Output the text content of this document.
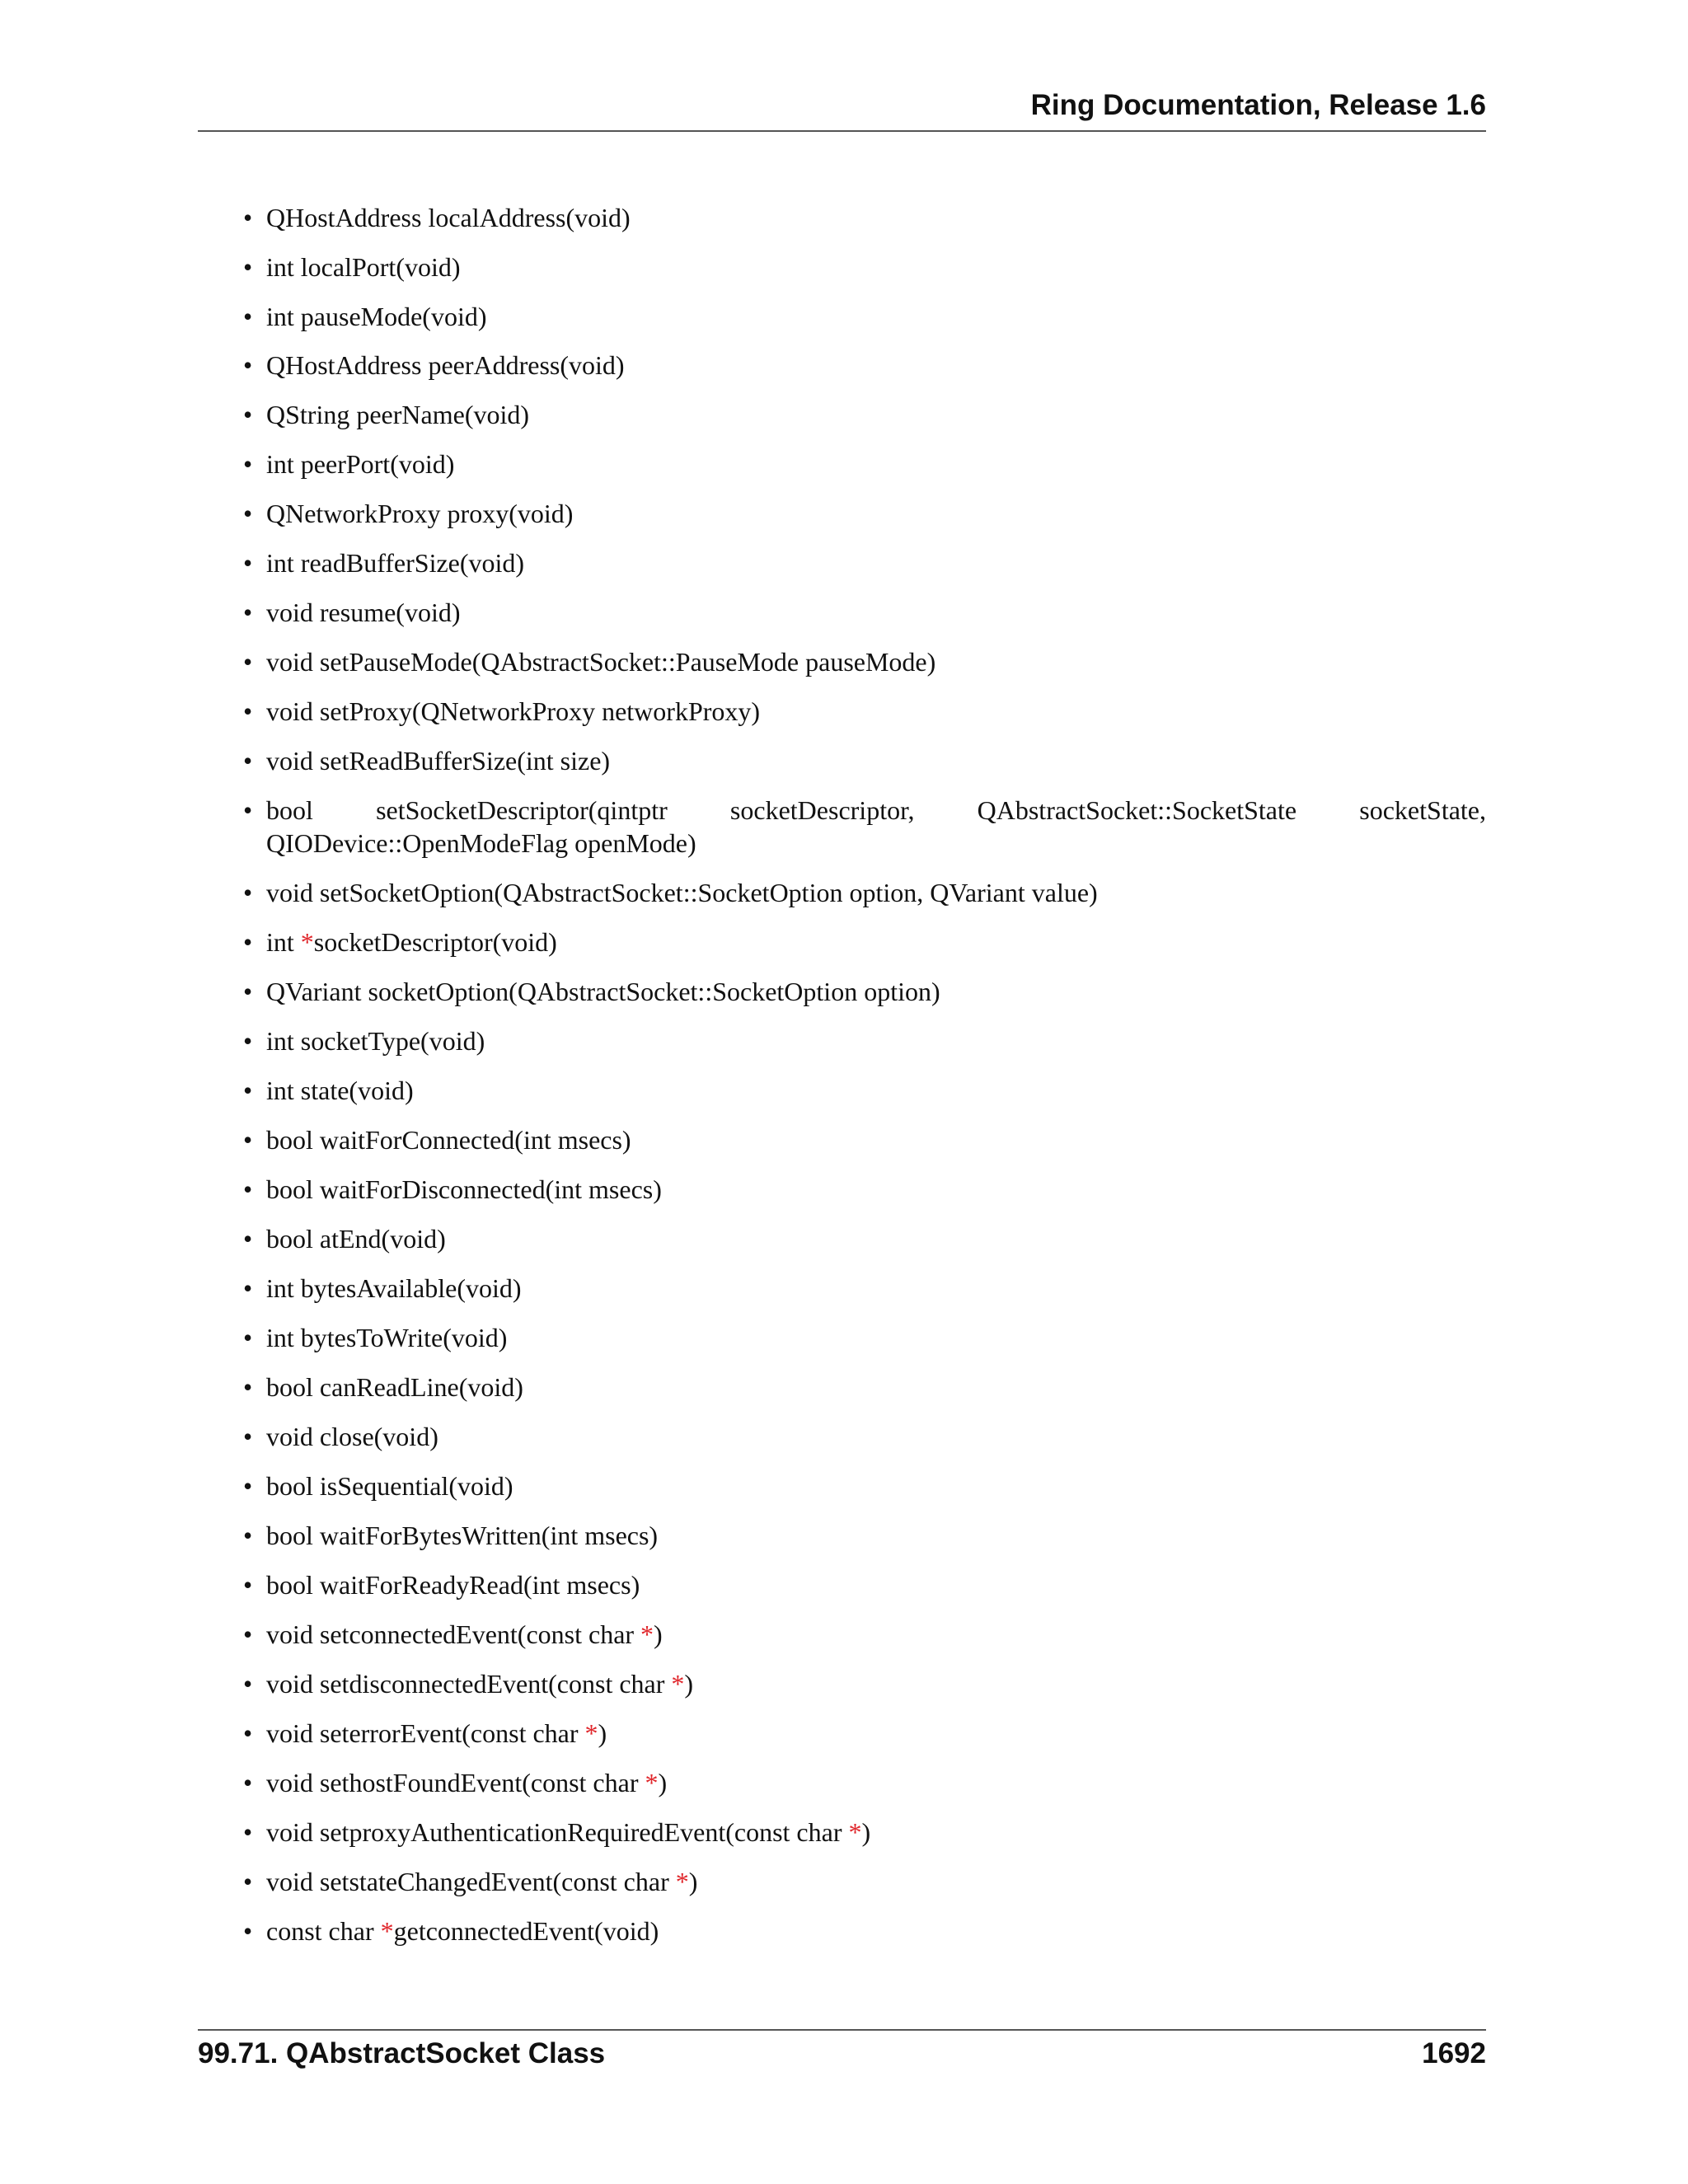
Ring Documentation, Release 1.6
• QHostAddress localAddress(void)
• int localPort(void)
• int pauseMode(void)
• QHostAddress peerAddress(void)
• QString peerName(void)
• int peerPort(void)
• QNetworkProxy proxy(void)
• int readBufferSize(void)
• void resume(void)
• void setPauseMode(QAbstractSocket::PauseMode pauseMode)
• void setProxy(QNetworkProxy networkProxy)
• void setReadBufferSize(int size)
• bool setSocketDescriptor(qintptr socketDescriptor, QAbstractSocket::SocketState socketState, QIODevice::OpenModeFlag openMode)
• void setSocketOption(QAbstractSocket::SocketOption option, QVariant value)
• int *socketDescriptor(void)
• QVariant socketOption(QAbstractSocket::SocketOption option)
• int socketType(void)
• int state(void)
• bool waitForConnected(int msecs)
• bool waitForDisconnected(int msecs)
• bool atEnd(void)
• int bytesAvailable(void)
• int bytesToWrite(void)
• bool canReadLine(void)
• void close(void)
• bool isSequential(void)
• bool waitForBytesWritten(int msecs)
• bool waitForReadyRead(int msecs)
• void setconnectedEvent(const char *)
• void setdisconnectedEvent(const char *)
• void seterrorEvent(const char *)
• void sethostFoundEvent(const char *)
• void setproxyAuthenticationRequiredEvent(const char *)
• void setstateChangedEvent(const char *)
• const char *getconnectedEvent(void)
99.71. QAbstractSocket Class	1692
